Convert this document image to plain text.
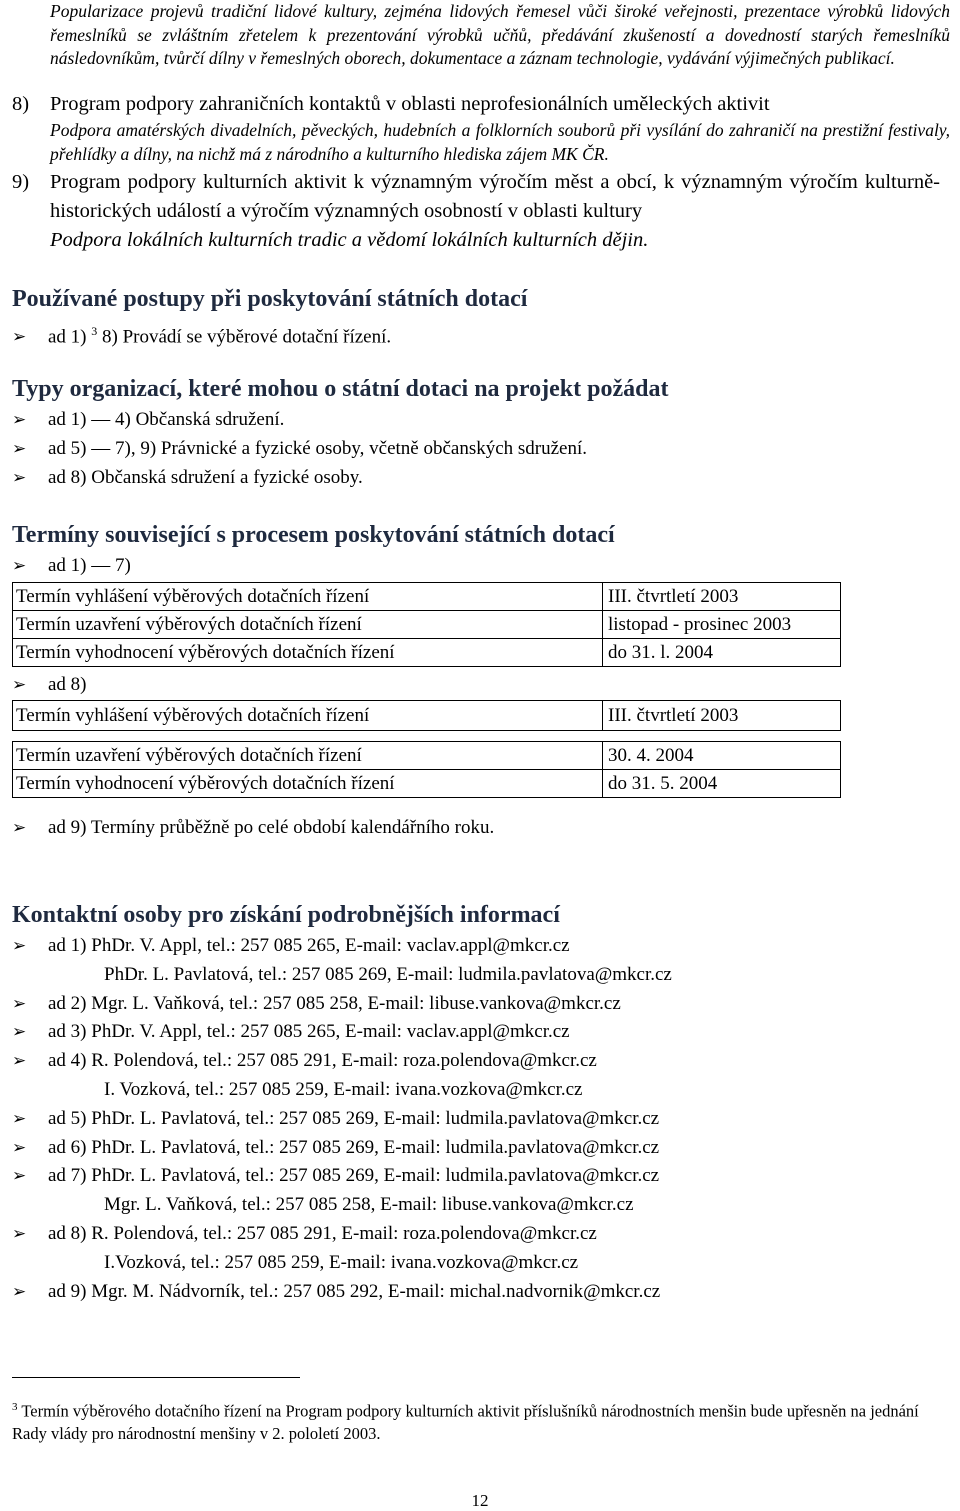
Popularizace projevů tradiční lidové kultury, zejména lidových řemesel vůči široké veřejnosti, prezentace výrobků lidových řemeslníků se zvláštním zřetelem k prezentování výrobků učňů, předávání zkušeností a dovedností starých řemeslníků následovníkům, tvůrčí dílny v řemeslných oborech, dokumentace a záznam technologie, vydávání výjimečných publikací.
8) Program podpory zahraničních kontaktů v oblasti neprofesionálních uměleckých aktivit
Podpora amatérských divadelních, pěveckých, hudebních a folklorních souborů při vysílání do zahraničí na prestižní festivaly, přehlídky a dílny, na nichž má z národního a kulturního hlediska zájem MK ČR.
9) Program podpory kulturních aktivit k významným výročím měst a obcí, k významným výročím kulturně-historických událostí a výročím významných osobností v oblasti kultury
Podpora lokálních kulturních tradic a vědomí lokálních kulturních dějin.
Používané postupy při poskytování státních dotací
➢ ad 1) $^3$ 8) Provádí se výběrové dotační řízení.
Typy organizací, které mohou o státní dotaci na projekt požádat
➢ ad 1) — 4) Občanská sdružení.
➢ ad 5) — 7), 9) Právnické a fyzické osoby, včetně občanských sdružení.
➢ ad 8) Občanská sdružení a fyzické osoby.
Termíny související s procesem poskytování státních dotací
➢ ad 1) — 7)
Termín vyhlášení výběrových dotačních řízení	III. čtvrtletí 2003
Termín uzavření výběrových dotačních řízení	listopad - prosinec 2003
Termín vyhodnocení výběrových dotačních řízení	do 31. l. 2004
➢ ad 8)
Termín vyhlášení výběrových dotačních řízení	III. čtvrtletí 2003
Termín uzavření výběrových dotačních řízení	30. 4. 2004
Termín vyhodnocení výběrových dotačních řízení	do 31. 5. 2004
➢ ad 9) Termíny průběžně po celé období kalendářního roku.
Kontaktní osoby pro získání podrobnějších informací
➢ ad 1) PhDr. V. Appl, tel.: 257 085 265, E-mail: vaclav.appl@mkcr.cz
PhDr. L. Pavlatová, tel.: 257 085 269, E-mail: ludmila.pavlatova@mkcr.cz
➢ ad 2) Mgr. L. Vaňková, tel.: 257 085 258, E-mail: libuse.vankova@mkcr.cz
➢ ad 3) PhDr. V. Appl, tel.: 257 085 265, E-mail: vaclav.appl@mkcr.cz
➢ ad 4) R. Polendová, tel.: 257 085 291, E-mail: roza.polendova@mkcr.cz
I. Vozková, tel.: 257 085 259, E-mail: ivana.vozkova@mkcr.cz
➢ ad 5) PhDr. L. Pavlatová, tel.: 257 085 269, E-mail: ludmila.pavlatova@mkcr.cz
➢ ad 6) PhDr. L. Pavlatová, tel.: 257 085 269, E-mail: ludmila.pavlatova@mkcr.cz
➢ ad 7) PhDr. L. Pavlatová, tel.: 257 085 269, E-mail: ludmila.pavlatova@mkcr.cz
Mgr. L. Vaňková, tel.: 257 085 258, E-mail: libuse.vankova@mkcr.cz
➢ ad 8) R. Polendová, tel.: 257 085 291, E-mail: roza.polendova@mkcr.cz
I.Vozková, tel.: 257 085 259, E-mail: ivana.vozkova@mkcr.cz
➢ ad 9) Mgr. M. Nádvorník, tel.: 257 085 292, E-mail: michal.nadvornik@mkcr.cz
$^3$ Termín výběrového dotačního řízení na Program podpory kulturních aktivit příslušníků národnostních menšin bude upřesněn na jednání Rady vlády pro národnostní menšiny v 2. pololetí 2003.
12
